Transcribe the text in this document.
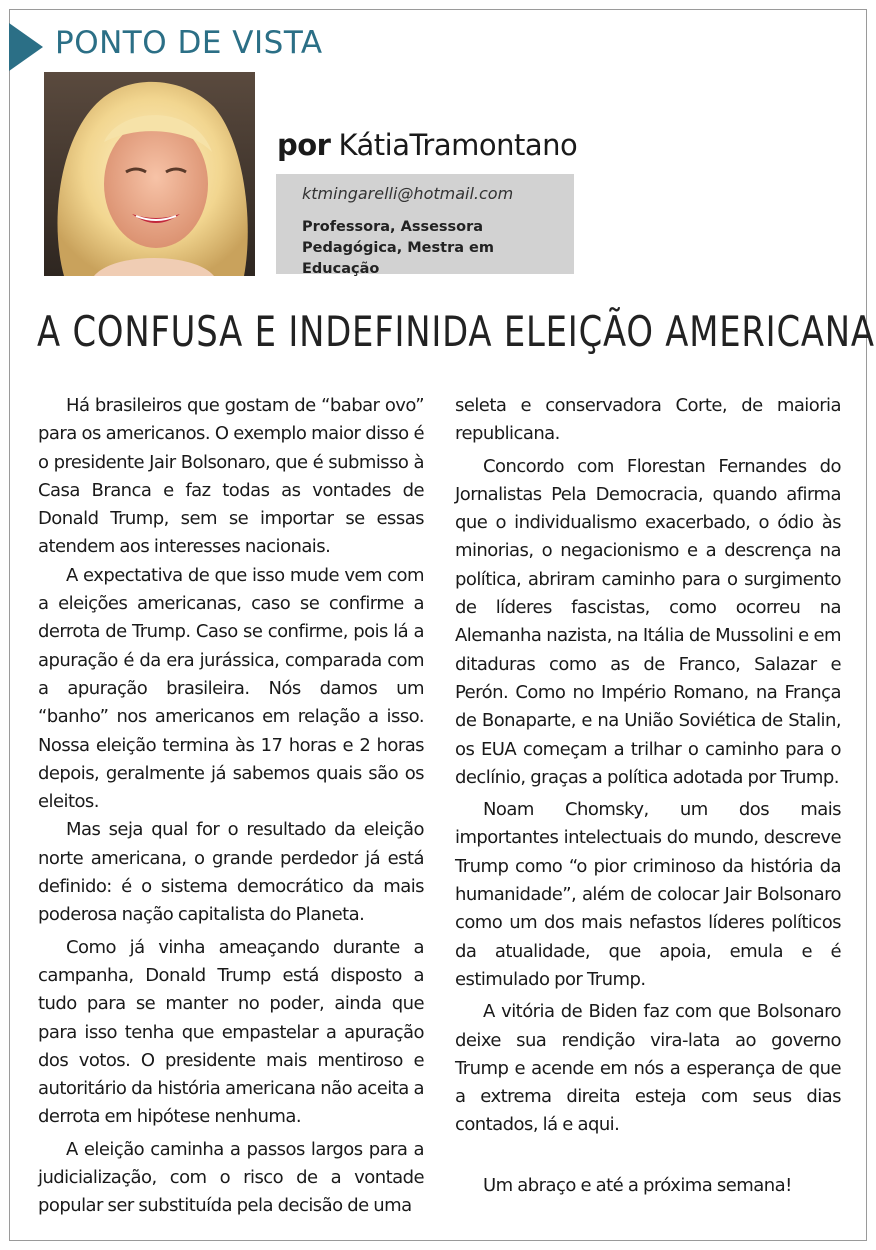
PONTO DE VISTA
por KátiaTramontano
ktmingarelli@hotmail.com
Professora, Assessora Pedagógica, Mestra em Educação
A CONFUSA E INDEFINIDA ELEIÇÃO AMERICANA

Há brasileiros que gostam de “babar ovo” para os americanos. O exemplo maior disso é o presidente Jair Bolsonaro, que é submisso à Casa Branca e faz todas as vontades de Donald Trump, sem se importar se essas atendem aos interesses nacionais.

A expectativa de que isso mude vem com a eleições americanas, caso se confirme a derrota de Trump. Caso se confirme, pois lá a apuração é da era jurássica, comparada com a apuração brasileira. Nós damos um “banho” nos americanos em relação a isso. Nossa eleição termina às 17 horas e 2 horas depois, geralmente já sabemos quais são os eleitos.

Mas seja qual for o resultado da eleição norte americana, o grande perdedor já está definido: é o sistema democrático da mais poderosa nação capitalista do Planeta.

Como já vinha ameaçando durante a campanha, Donald Trump está disposto a tudo para se manter no poder, ainda que para isso tenha que empastelar a apuração dos votos. O presidente mais mentiroso e autoritário da história americana não aceita a derrota em hipótese nenhuma.

A eleição caminha a passos largos para a judicialização, com o risco de a vontade popular ser substituída pela decisão de uma

seleta e conservadora Corte, de maioria republicana.

Concordo com Florestan Fernandes do Jornalistas Pela Democracia, quando afirma que o individualismo exacerbado, o ódio às minorias, o negacionismo e a descrença na política, abriram caminho para o surgimento de líderes fascistas, como ocorreu na Alemanha nazista, na Itália de Mussolini e em ditaduras como as de Franco, Salazar e Perón. Como no Império Romano, na França de Bonaparte, e na União Soviética de Stalin, os EUA começam a trilhar o caminho para o declínio, graças a política adotada por Trump.

Noam Chomsky, um dos mais importantes intelectuais do mundo, descreve Trump como “o pior criminoso da história da humanidade”, além de colocar Jair Bolsonaro como um dos mais nefastos líderes políticos da atualidade, que apoia, emula e é estimulado por Trump.

A vitória de Biden faz com que Bolsonaro deixe sua rendição vira-lata ao governo Trump e acende em nós a esperança de que a extrema direita esteja com seus dias contados, lá e aqui.

Um abraço e até a próxima semana!
